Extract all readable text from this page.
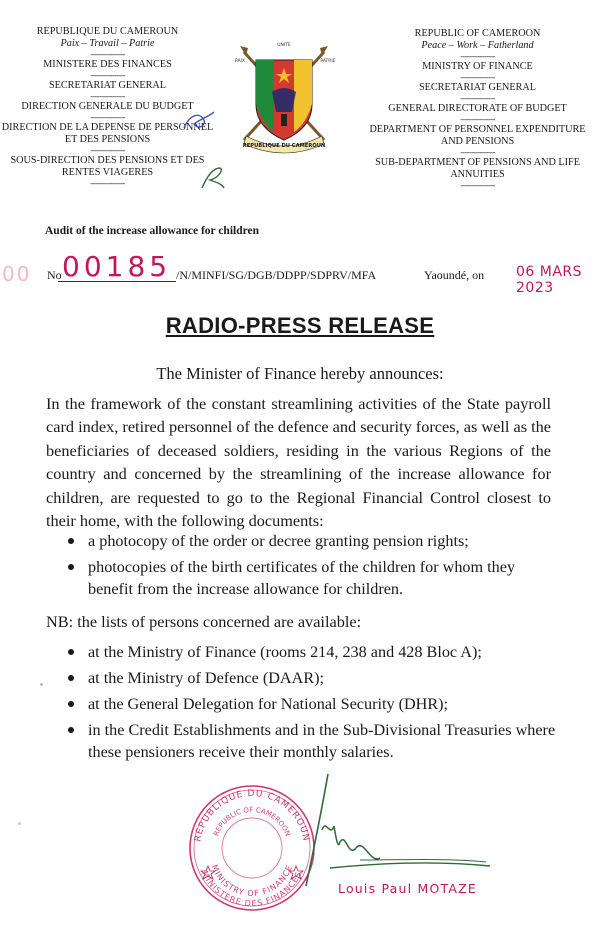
REPUBLIQUE DU CAMEROUN
Paix – Travail – Patrie
----------------
MINISTERE DES FINANCES
----------------
SECRETARIAT GENERAL
----------------
DIRECTION GENERALE DU BUDGET
----------------
DIRECTION DE LA DEPENSE DE PERSONNEL
ET DES PENSIONS
----------------
SOUS-DIRECTION DES PENSIONS ET DES
RENTES VIAGERES
----------------
REPUBLIC OF CAMEROON
Peace – Work – Fatherland
----------------
MINISTRY OF FINANCE
----------------
SECRETARIAT GENERAL
----------------
GENERAL DIRECTORATE OF BUDGET
----------------
DEPARTMENT OF PERSONNEL EXPENDITURE
AND PENSIONS
----------------
SUB-DEPARTMENT OF PENSIONS AND LIFE
ANNUITIES
----------------
REPUBLIQUE DU CAMEROUN
UNITE
PAIX	PATRIE
Audit of the increase allowance for children
00 No 00185 /N/MINFI/SG/DGB/DDPP/SDPRV/MFA	Yaoundé, on 06 MARS 2023
RADIO-PRESS RELEASE
The Minister of Finance hereby announces:

In the framework of the constant streamlining activities of the State payroll card index, retired personnel of the defence and security forces, as well as the beneficiaries of deceased soldiers, residing in the various Regions of the country and concerned by the streamlining of the increase allowance for children, are requested to go to the Regional Financial Control closest to their home, with the following documents:

a photocopy of the order or decree granting pension rights;
photocopies of the birth certificates of the children for whom they benefit from the increase allowance for children.
NB: the lists of persons concerned are available:
at the Ministry of Finance (rooms 214, 238 and 428 Bloc A);
at the Ministry of Defence (DAAR);
at the General Delegation for National Security (DHR);
in the Credit Establishments and in the Sub-Divisional Treasuries where these pensioners receive their monthly salaries.
REPUBLIQUE DU CAMEROUN
REPUBLIC OF CAMEROON
MINISTRY OF FINANCE
MINISTERE DES FINANCES
Louis Paul MOTAZE
